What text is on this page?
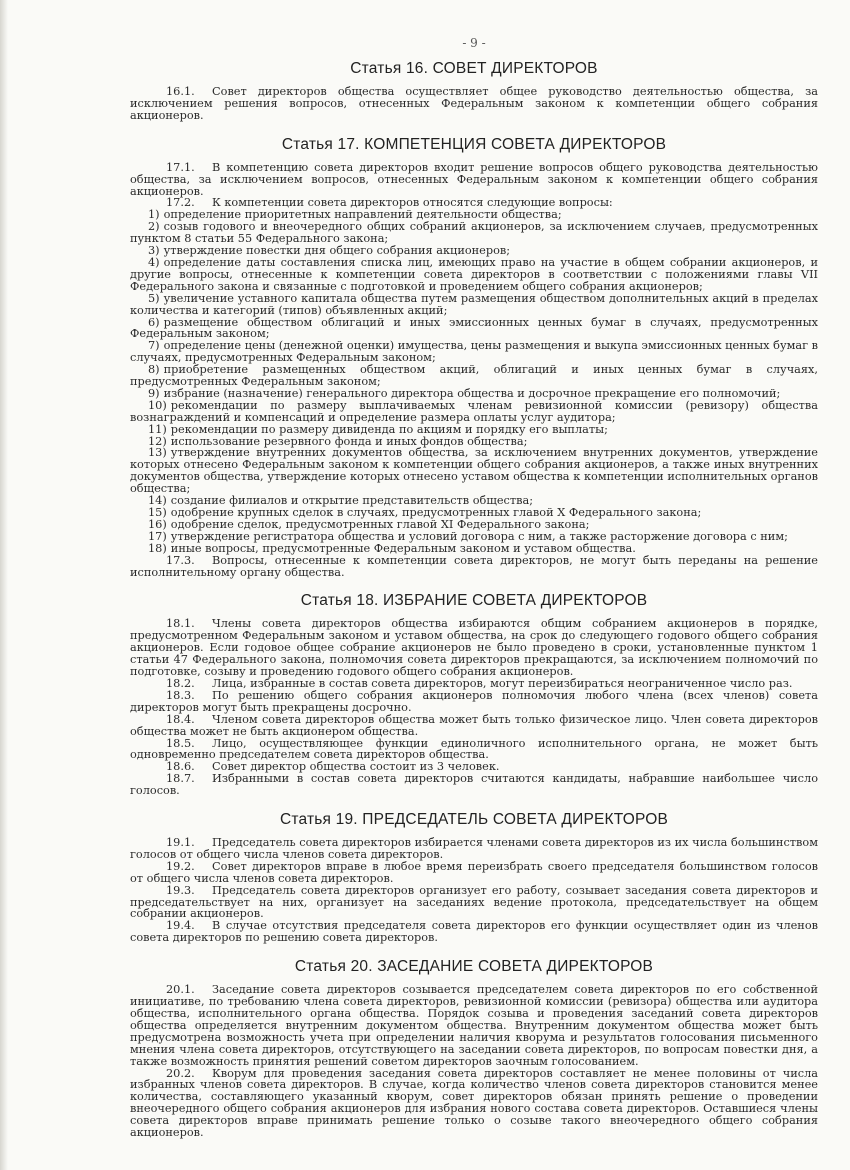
- 9 -
Статья 16. СОВЕТ ДИРЕКТОРОВ

16.1. Совет директоров общества осуществляет общее руководство деятельностью общества, за исключением решения вопросов, отнесенных Федеральным законом к компетенции общего собрания акционеров.

Статья 17. КОМПЕТЕНЦИЯ СОВЕТА ДИРЕКТОРОВ

17.1. В компетенцию совета директоров входит решение вопросов общего руководства деятельностью общества, за исключением вопросов, отнесенных Федеральным законом к компетенции общего собрания акционеров.

17.2. К компетенции совета директоров относятся следующие вопросы:

1) определение приоритетных направлений деятельности общества;

2) созыв годового и внеочередного общих собраний акционеров, за исключением случаев, предусмотренных пунктом 8 статьи 55 Федерального закона;

3) утверждение повестки дня общего собрания акционеров;

4) определение даты составления списка лиц, имеющих право на участие в общем собрании акционеров, и другие вопросы, отнесенные к компетенции совета директоров в соответствии с положениями главы VII Федерального закона и связанные с подготовкой и проведением общего собрания акционеров;

5) увеличение уставного капитала общества путем размещения обществом дополнительных акций в пределах количества и категорий (типов) объявленных акций;

6) размещение обществом облигаций и иных эмиссионных ценных бумаг в случаях, предусмотренных Федеральным законом;

7) определение цены (денежной оценки) имущества, цены размещения и выкупа эмиссионных ценных бумаг в случаях, предусмотренных Федеральным законом;

8) приобретение размещенных обществом акций, облигаций и иных ценных бумаг в случаях, предусмотренных Федеральным законом;

9) избрание (назначение) генерального директора общества и досрочное прекращение его полномочий;

10) рекомендации по размеру выплачиваемых членам ревизионной комиссии (ревизору) общества вознаграждений и компенсаций и определение размера оплаты услуг аудитора;

11) рекомендации по размеру дивиденда по акциям и порядку его выплаты;

12) использование резервного фонда и иных фондов общества;

13) утверждение внутренних документов общества, за исключением внутренних документов, утверждение которых отнесено Федеральным законом к компетенции общего собрания акционеров, а также иных внутренних документов общества, утверждение которых отнесено уставом общества к компетенции исполнительных органов общества;

14) создание филиалов и открытие представительств общества;

15) одобрение крупных сделок в случаях, предусмотренных главой X Федерального закона;

16) одобрение сделок, предусмотренных главой XI Федерального закона;

17) утверждение регистратора общества и условий договора с ним, а также расторжение договора с ним;

18) иные вопросы, предусмотренные Федеральным законом и уставом общества.

17.3. Вопросы, отнесенные к компетенции совета директоров, не могут быть переданы на решение исполнительному органу общества.

Статья 18. ИЗБРАНИЕ СОВЕТА ДИРЕКТОРОВ

18.1. Члены совета директоров общества избираются общим собранием акционеров в порядке, предусмотренном Федеральным законом и уставом общества, на срок до следующего годового общего собрания акционеров. Если годовое общее собрание акционеров не было проведено в сроки, установленные пунктом 1 статьи 47 Федерального закона, полномочия совета директоров прекращаются, за исключением полномочий по подготовке, созыву и проведению годового общего собрания акционеров.

18.2. Лица, избранные в состав совета директоров, могут переизбираться неограниченное число раз.

18.3. По решению общего собрания акционеров полномочия любого члена (всех членов) совета директоров могут быть прекращены досрочно.

18.4. Членом совета директоров общества может быть только физическое лицо. Член совета директоров общества может не быть акционером общества.

18.5. Лицо, осуществляющее функции единоличного исполнительного органа, не может быть одновременно председателем совета директоров общества.

18.6. Совет директор общества состоит из 3 человек.

18.7. Избранными в состав совета директоров считаются кандидаты, набравшие наибольшее число голосов.

Статья 19. ПРЕДСЕДАТЕЛЬ СОВЕТА ДИРЕКТОРОВ

19.1. Председатель совета директоров избирается членами совета директоров из их числа большинством голосов от общего числа членов совета директоров.

19.2. Совет директоров вправе в любое время переизбрать своего председателя большинством голосов от общего числа членов совета директоров.

19.3. Председатель совета директоров организует его работу, созывает заседания совета директоров и председательствует на них, организует на заседаниях ведение протокола, председательствует на общем собрании акционеров.

19.4. В случае отсутствия председателя совета директоров его функции осуществляет один из членов совета директоров по решению совета директоров.

Статья 20. ЗАСЕДАНИЕ СОВЕТА ДИРЕКТОРОВ

20.1. Заседание совета директоров созывается председателем совета директоров по его собственной инициативе, по требованию члена совета директоров, ревизионной комиссии (ревизора) общества или аудитора общества, исполнительного органа общества. Порядок созыва и проведения заседаний совета директоров общества определяется внутренним документом общества. Внутренним документом общества может быть предусмотрена возможность учета при определении наличия кворума и результатов голосования письменного мнения члена совета директоров, отсутствующего на заседании совета директоров, по вопросам повестки дня, а также возможность принятия решений советом директоров заочным голосованием.

20.2. Кворум для проведения заседания совета директоров составляет не менее половины от числа избранных членов совета директоров. В случае, когда количество членов совета директоров становится менее количества, составляющего указанный кворум, совет директоров обязан принять решение о проведении внеочередного общего собрания акционеров для избрания нового состава совета директоров. Оставшиеся члены совета директоров вправе принимать решение только о созыве такого внеочередного общего собрания акционеров.
